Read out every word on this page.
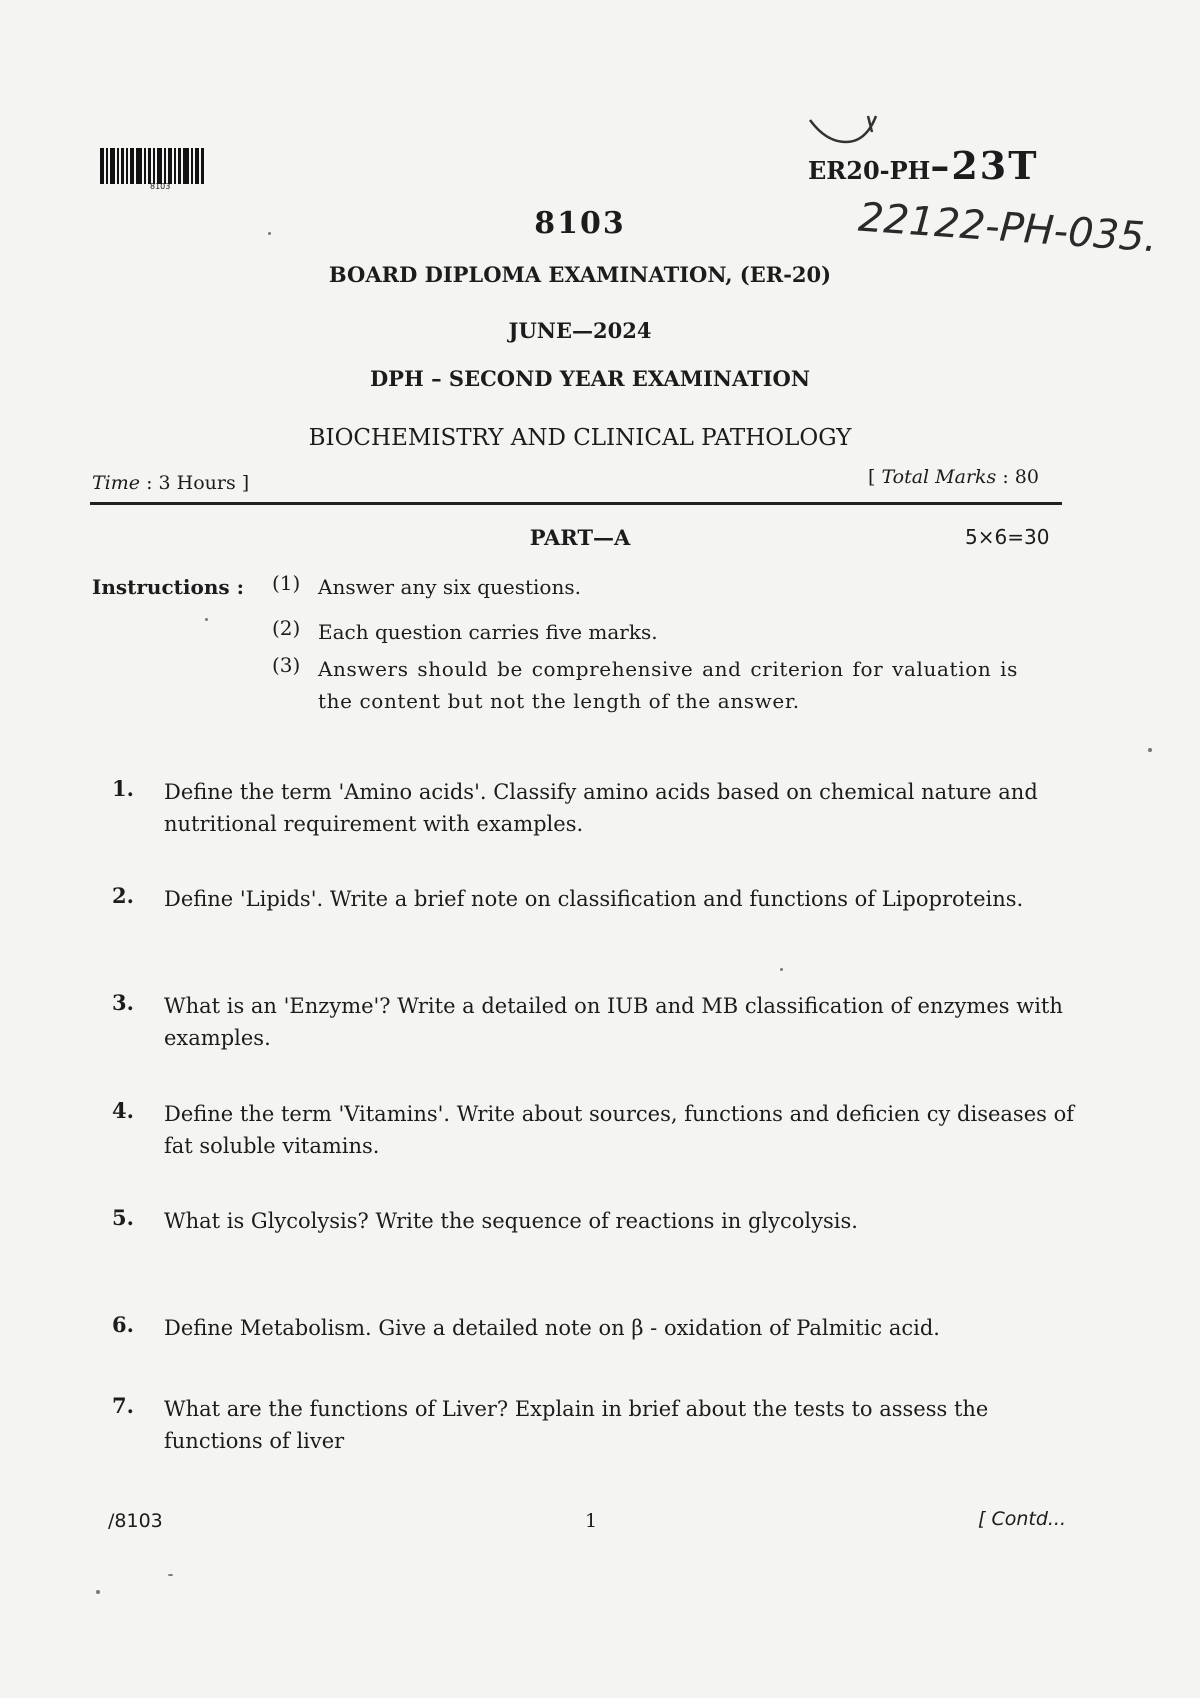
8103
ER20-PH–23T
22122-PH-035.
8103
BOARD DIPLOMA EXAMINATION, (ER-20)
JUNE—2024
DPH – SECOND YEAR EXAMINATION
BIOCHEMISTRY AND CLINICAL PATHOLOGY
Time : 3 Hours ]	[ Total Marks : 80
PART—A	5×6=30
Instructions : (1) Answer any six questions.
(2) Each question carries five marks.
(3) Answers should be comprehensive and criterion for valuation is the content but not the length of the answer.
1.	Define the term 'Amino acids'. Classify amino acids based on chemical nature and nutritional requirement with examples.
2.	Define 'Lipids'. Write a brief note on classification and functions of Lipoproteins.
3.	What is an 'Enzyme'? Write a detailed on IUB and MB classification of enzymes with examples.
4.	Define the term 'Vitamins'. Write about sources, functions and deficien cy diseases of fat soluble vitamins.
5.	What is Glycolysis? Write the sequence of reactions in glycolysis.
6.	Define Metabolism. Give a detailed note on β - oxidation of Palmitic acid.
7.	What are the functions of Liver? Explain in brief about the tests to assess the functions of liver
/8103	1	[ Contd...
